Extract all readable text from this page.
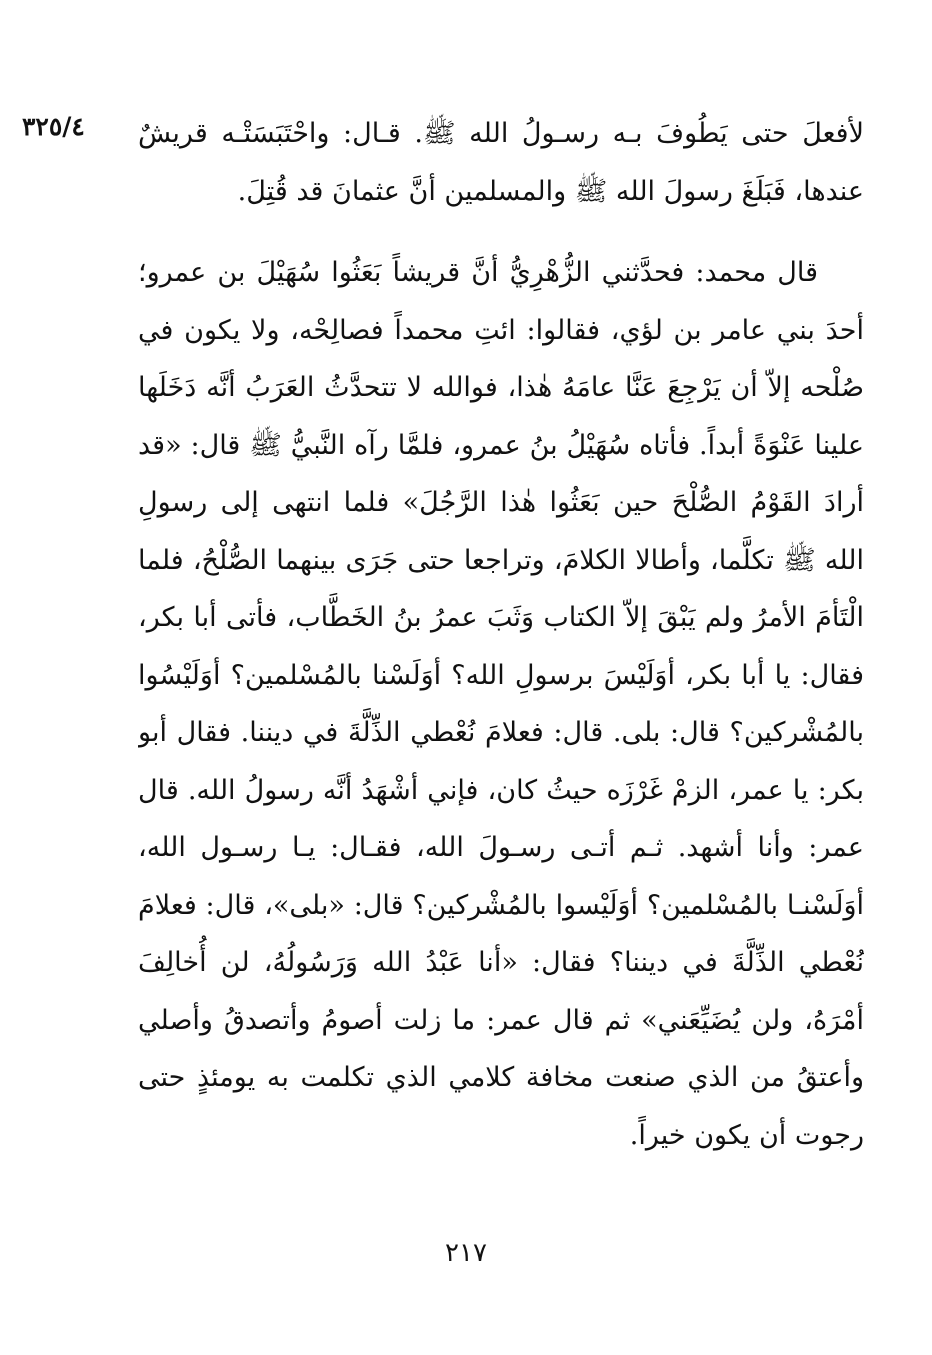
٣٢٥/٤	لأفعلَ حتى يَطُوفَ بـه رسـولُ الله ﷺ. قـال: واحْتَبَسَتْـه قريشٌ عندها، فَبَلَغَ رسولَ الله ﷺ والمسلمين أنَّ عثمانَ قد قُتِلَ.

قال محمد: فحدَّثني الزُّهْرِيُّ أنَّ قريشاً بَعَثُوا سُهَيْلَ بن عمرو؛ أحدَ بني عامر بن لؤي، فقالوا: ائتِ محمداً فصالِحْه، ولا يكون في صُلْحه إلاّ أن يَرْجِعَ عَنَّا عامَهُ هٰذا، فوالله لا تتحدَّثُ العَرَبُ أنَّه دَخَلَها علينا عَنْوَةً أبداً. فأتاه سُهَيْلُ بنُ عمرو، فلمَّا رآه النَّبيُّ ﷺ قال: «قد أرادَ القَوْمُ الصُّلْحَ حين بَعَثُوا هٰذا الرَّجُلَ» فلما انتهى إلى رسولِ الله ﷺ تكلَّما، وأطالا الكلامَ، وتراجعا حتى جَرَى بينهما الصُّلْحُ، فلما الْتَأمَ الأمرُ ولم يَبْقَ إلاّ الكتاب وَثَبَ عمرُ بنُ الخَطَّاب، فأتى أبا بكر، فقال: يا أبا بكر، أوَلَيْسَ برسولِ الله؟ أوَلَسْنا بالمُسْلمين؟ أوَلَيْسُوا بالمُشْركين؟ قال: بلى. قال: فعلامَ نُعْطي الذِّلَّةَ في ديننا. فقال أبو بكر: يا عمر، الزمْ غَرْزَه حيثُ كان، فإني أشْهَدُ أنَّه رسولُ الله. قال عمر: وأنا أشهد. ثـم أتـى رسـولَ الله، فقـال: يـا رسـول الله، أوَلَسْنـا بالمُسْلمين؟ أوَلَيْسوا بالمُشْركين؟ قال: «بلى»، قال: فعلامَ نُعْطي الذِّلَّةَ في ديننا؟ فقال: «أنا عَبْدُ الله وَرَسُولُهُ، لن أُخالِفَ أمْرَهُ، ولن يُضَيِّعَني» ثم قال عمر: ما زلت أصومُ وأتصدقُ وأصلي وأعتقُ من الذي صنعت مخافة كلامي الذي تكلمت به يومئذٍ حتى رجوت أن يكون خيراً.

٢١٧
